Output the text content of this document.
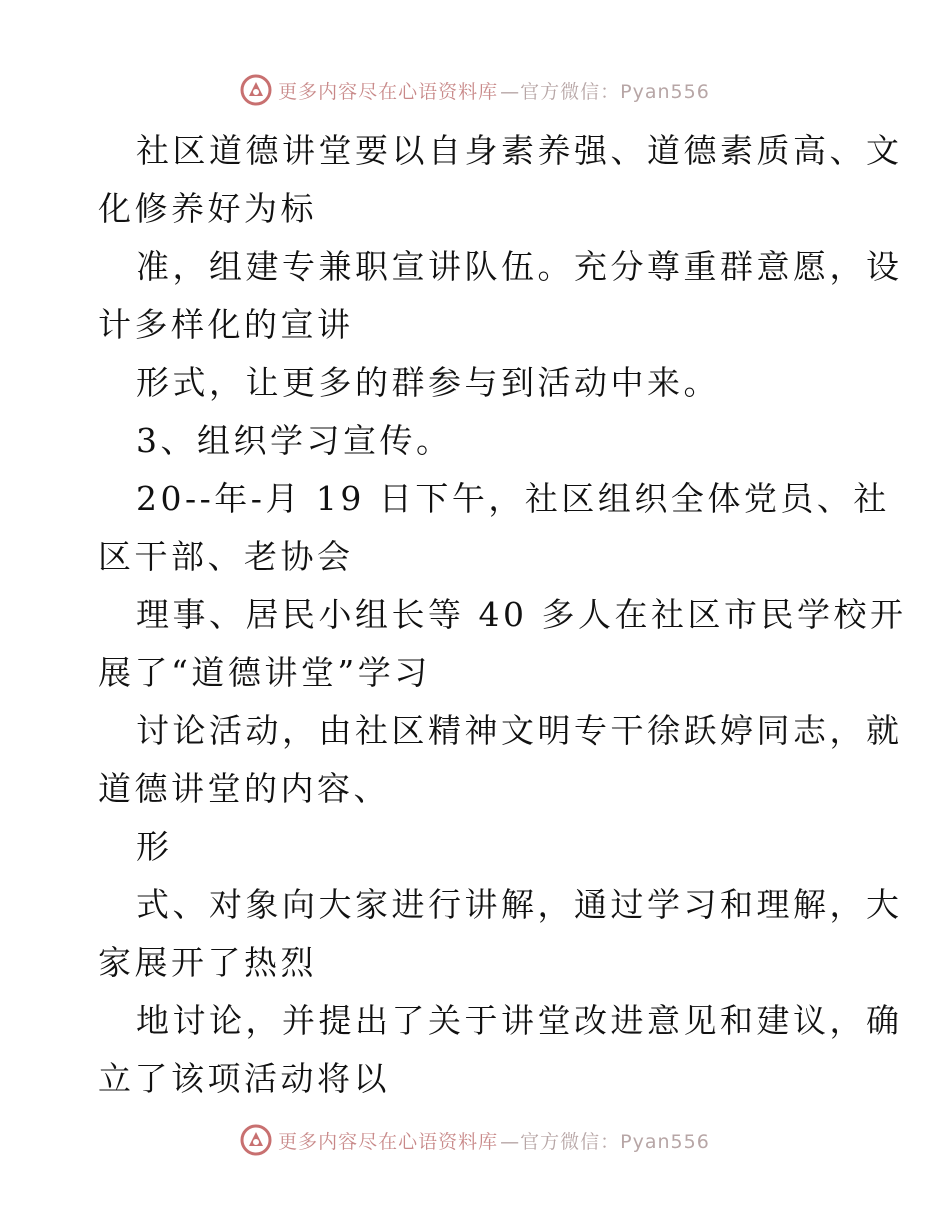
更多内容尽在心语资料库 —官方微信：Pyan556
社区道德讲堂要以自身素养强、道德素质高、文
化修养好为标
准，组建专兼职宣讲队伍。充分尊重群意愿，设
计多样化的宣讲
形式，让更多的群参与到活动中来。
3、组织学习宣传。
20--年-月 19 日下午，社区组织全体党员、社
区干部、老协会
理事、居民小组长等 40 多人在社区市民学校开
展了“道德讲堂”学习
讨论活动，由社区精神文明专干徐跃婷同志，就
道德讲堂的内容、
形
式、对象向大家进行讲解，通过学习和理解，大
家展开了热烈
地讨论，并提出了关于讲堂改进意见和建议，确
立了该项活动将以
更多内容尽在心语资料库 —官方微信：Pyan556
